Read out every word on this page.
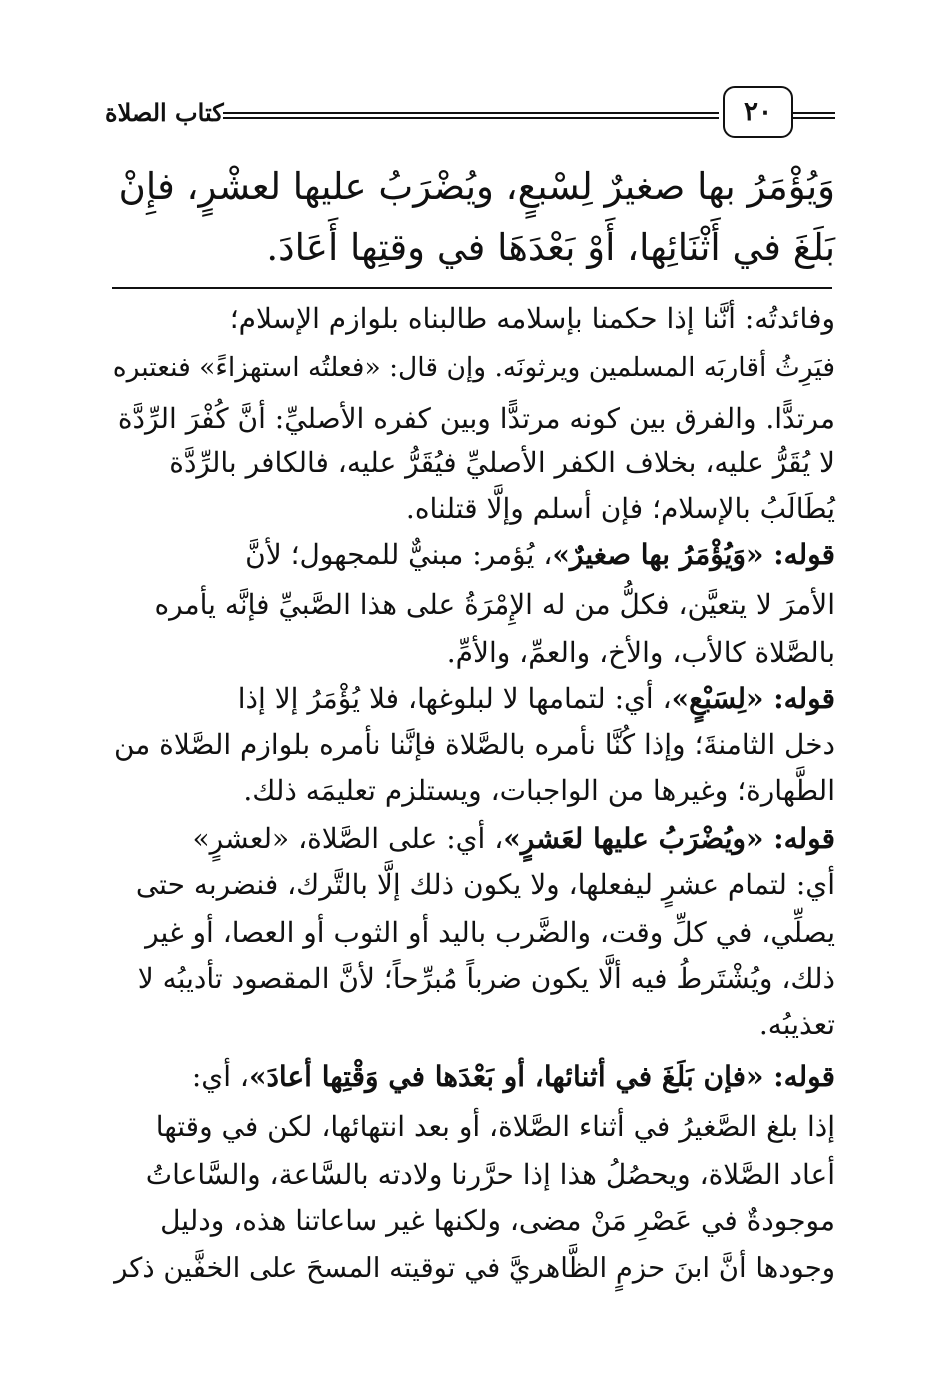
كتاب الصلاة	٢٠
وَيُؤْمَرُ بها صغيرٌ لِسْبعٍ، ويُضْرَبُ عليها لعشْرٍ، فإِنْ
بَلَغَ في أَثْنَائِها، أَوْ بَعْدَهَا في وقتِها أَعَادَ.
وفائدتُه: أنَّنا إذا حكمنا بإسلامه طالبناه بلوازم الإسلام؛
فيَرِثُ أقاربَه المسلمين ويرثونَه. وإن قال: «فعلتُه استهزاءً» فنعتبره
مرتدًّا. والفرق بين كونه مرتدًّا وبين كفره الأصليِّ: أنَّ كُفْرَ الرِّدَّة
لا يُقَرُّ عليه، بخلاف الكفر الأصليِّ فيُقَرُّ عليه، فالكافر بالرِّدَّة
يُطَالَبُ بالإسلام؛ فإن أسلم وإلَّا قتلناه.
قوله: «وَيُؤْمَرُ بها صغيرٌ»، يُؤمر: مبنيٌّ للمجهول؛ لأنَّ
الأمرَ لا يتعيَّن، فكلُّ من له الإِمْرَةُ على هذا الصَّبيِّ فإنَّه يأمره
بالصَّلاة كالأب، والأخ، والعمِّ، والأمِّ.
قوله: «لِسَبْعٍ»، أي: لتمامها لا لبلوغها، فلا يُؤْمَرُ إلا إذا
دخل الثامنةَ؛ وإذا كُنَّا نأمره بالصَّلاة فإنَّنا نأمره بلوازم الصَّلاة من
الطَّهارة؛ وغيرها من الواجبات، ويستلزم تعليمَه ذلك.
قوله: «ويُضْرَبُ عليها لعَشرٍ»، أي: على الصَّلاة، «لعشرٍ»
أي: لتمام عشرٍ ليفعلها، ولا يكون ذلك إلَّا بالتَّرك، فنضربه حتى
يصلِّي، في كلِّ وقت، والضَّرب باليد أو الثوب أو العصا، أو غير
ذلك، ويُشْتَرطُ فيه ألَّا يكون ضرباً مُبرِّحاً؛ لأنَّ المقصود تأديبُه لا
تعذيبُه.
قوله: «فإن بَلَغَ في أثنائها، أو بَعْدَها في وَقْتِها أعادَ»، أي:
إذا بلغ الصَّغيرُ في أثناء الصَّلاة، أو بعد انتهائها، لكن في وقتها
أعاد الصَّلاة، ويحصُلُ هذا إذا حرَّرنا ولادته بالسَّاعة، والسَّاعاتُ
موجودةٌ في عَصْرِ مَنْ مضى، ولكنها غير ساعاتنا هذه، ودليل
وجودها أنَّ ابنَ حزمٍ الظَّاهريَّ في توقيته المسحَ على الخفَّين ذكر
